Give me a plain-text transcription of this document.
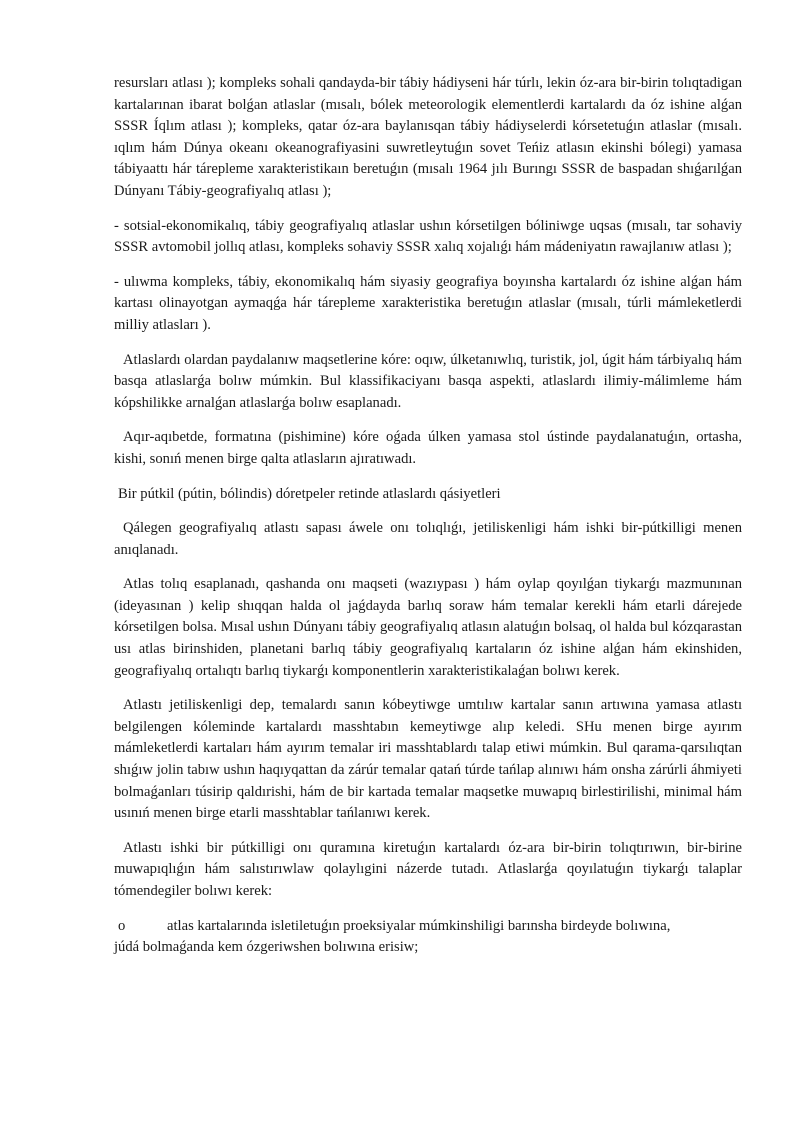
resursları atlası ); kompleks sohali qandayda-bir tábiy hádiyseni hár túrlı, lekin óz-ara bir-birin tolıqtadigan kartalarınan ibarat bolǵan atlaslar (mısalı, bólek meteorologik elementlerdi kartalardı da óz ishine alǵan SSSR Íqlım atlası ); kompleks, qatar óz-ara baylanısqan tábiy hádiyselerdi kórsetetuǵın atlaslar (mısalı. ıqlım hám Dúnya okeanı okeanografiyasini suwretleytuǵın sovet Teńiz atlasın ekinshi bólegi) yamasa tábiyaattı hár tárepleme xarakteristikaın beretuǵın (mısalı 1964 jılı Burıngı SSSR de baspadan shıǵarılǵan Dúnyanı Tábiy-geografiyalıq atlası );

- sotsial-ekonomikalıq, tábiy geografiyalıq atlaslar ushın kórsetilgen bóliniwge uqsas (mısalı, tar sohaviy SSSR avtomobil jollıq atlası, kompleks sohaviy SSSR xalıq xojalıǵı hám mádeniyatın rawajlanıw atlası );

- ulıwma kompleks, tábiy, ekonomikalıq hám siyasiy geografiya boyınsha kartalardı óz ishine alǵan hám kartası olinayotgan aymaqǵa hár tárepleme xarakteristika beretuǵın atlaslar (mısalı, túrli mámleketlerdi milliy atlasları ).

Atlaslardı olardan paydalanıw maqsetlerine kóre: oqıw, úlketanıwlıq, turistik, jol, úgit hám tárbiyalıq hám basqa atlaslarǵa bolıw múmkin. Bul klassifikaciyanı basqa aspekti, atlaslardı ilimiy-málimleme hám kópshilikke arnalǵan atlaslarǵa bolıw esaplanadı.

Aqır-aqıbetde, formatına (pishimine) kóre oǵada úlken yamasa stol ústinde paydalanatuǵın, ortasha, kishi, sonıń menen birge qalta atlasların ajıratıwadı.

Bir pútkil (pútin, bólindis) dóretpeler retinde atlaslardı qásiyetleri

Qálegen geografiyalıq atlastı sapası áwele onı tolıqlıǵı, jetiliskenligi hám ishki bir-pútkilligi menen anıqlanadı.

Atlas tolıq esaplanadı, qashanda onı maqseti (wazıypası ) hám oylap qoyılǵan tiykarǵı mazmunınan (ideyasınan ) kelip shıqqan halda ol jaǵdayda barlıq soraw hám temalar kerekli hám etarli dárejede kórsetilgen bolsa. Mısal ushın Dúnyanı tábiy geografiyalıq atlasın alatuǵın bolsaq, ol halda bul kózqarastan usı atlas birinshiden, planetani barlıq tábiy geografiyalıq kartaların óz ishine alǵan hám ekinshiden, geografiyalıq ortalıqtı barlıq tiykarǵı komponentlerin xarakteristikalaǵan bolıwı kerek.

Atlastı jetiliskenligi dep, temalardı sanın kóbeytiwge umtılıw kartalar sanın artıwına yamasa atlastı belgilengen kóleminde kartalardı masshtabın kemeytiwge alıp keledi. SHu menen birge ayırım mámleketlerdi kartaları hám ayırım temalar iri masshtablardı talap etiwi múmkin. Bul qarama-qarsılıqtan shıǵıw jolin tabıw ushın haqıyqattan da zárúr temalar qatań túrde tańlap alınıwı hám onsha zárúrli áhmiyeti bolmaǵanları túsirip qaldırishi, hám de bir kartada temalar maqsetke muwapıq birlestirilishi, minimal hám usınıń menen birge etarli masshtablar tańlanıwı kerek.

Atlastı ishki bir pútkilligi onı quramına kiretuǵın kartalardı óz-ara bir-birin tolıqtırıwın, bir-birine muwapıqlıǵın hám salıstırıwlaw qolaylıgini názerde tutadı. Atlaslarǵa qoyılatuǵın tiykarǵı talaplar tómendegiler bolıwı kerek:

o	atlas kartalarında isletiletuǵın proeksiyalar múmkinshiligi barınsha birdeyde bolıwına,

júdá bolmaǵanda kem ózgeriwshen bolıwına erisiw;
